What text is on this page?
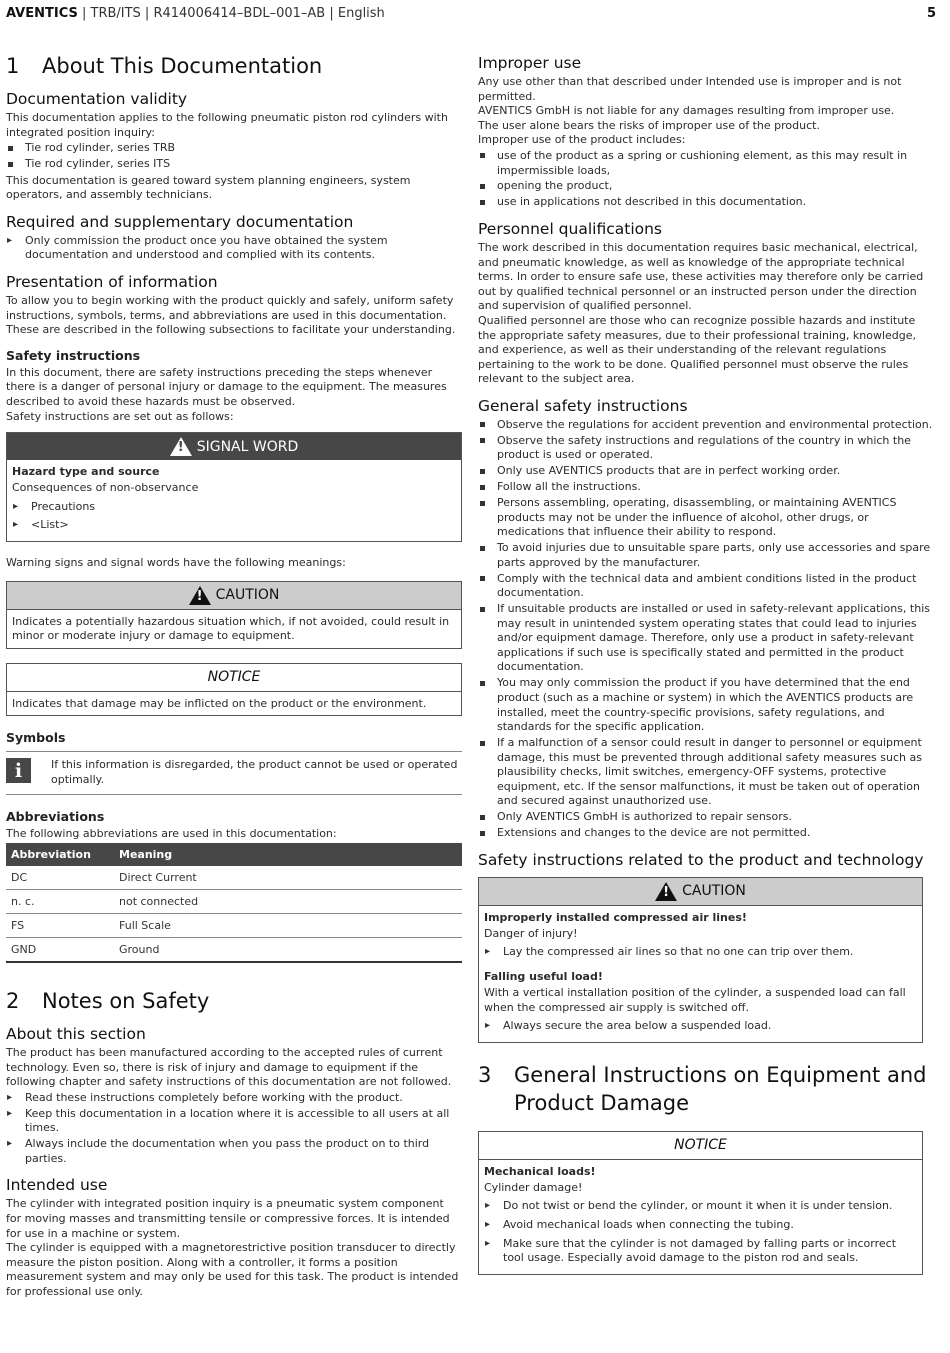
AVENTICS | TRB/ITS | R414006414–BDL–001–AB | English	5
1	About This Documentation
Documentation validity

This documentation applies to the following pneumatic piston rod cylinders with integrated position inquiry:

Tie rod cylinder, series TRB
Tie rod cylinder, series ITS

This documentation is geared toward system planning engineers, system operators, and assembly technicians.

Required and supplementary documentation
▸ Only commission the product once you have obtained the system documentation and understood and complied with its contents.
Presentation of information

To allow you to begin working with the product quickly and safely, uniform safety instructions, symbols, terms, and abbreviations are used in this documentation. These are described in the following subsections to facilitate your understanding.

Safety instructions

In this document, there are safety instructions preceding the steps whenever there is a danger of personal injury or damage to the equipment. The measures described to avoid these hazards must be observed.

Safety instructions are set out as follows:

!
SIGNAL WORD
Hazard type and source

Consequences of non-observance

▸ Precautions
▸ <List>

Warning signs and signal words have the following meanings:

!
CAUTION

Indicates a potentially hazardous situation which, if not avoided, could result in minor or moderate injury or damage to equipment.

NOTICE

Indicates that damage may be inflicted on the product or the environment.

Symbols
i	If this information is disregarded, the product cannot be used or operated optimally.

Abbreviations

The following abbreviations are used in this documentation:

Abbreviation	Meaning
DC	Direct Current
n. c.	not connected
FS	Full Scale
GND	Ground
2	Notes on Safety
About this section

The product has been manufactured according to the accepted rules of current technology. Even so, there is risk of injury and damage to equipment if the following chapter and safety instructions of this documentation are not followed.

▸ Read these instructions completely before working with the product.
▸ Keep this documentation in a location where it is accessible to all users at all times.
▸ Always include the documentation when you pass the product on to third parties.
Intended use

The cylinder with integrated position inquiry is a pneumatic system component for moving masses and transmitting tensile or compressive forces. It is intended for use in a machine or system.

The cylinder is equipped with a magnetorestrictive position transducer to directly measure the piston position. Along with a controller, it forms a position measurement system and may only be used for this task. The product is intended for professional use only.

Improper use

Any use other than that described under Intended use is improper and is not permitted.

AVENTICS GmbH is not liable for any damages resulting from improper use.

The user alone bears the risks of improper use of the product.

Improper use of the product includes:

use of the product as a spring or cushioning element, as this may result in impermissible loads,
opening the product,
use in applications not described in this documentation.
Personnel qualifications

The work described in this documentation requires basic mechanical, electrical, and pneumatic knowledge, as well as knowledge of the appropriate technical terms. In order to ensure safe use, these activities may therefore only be carried out by qualified technical personnel or an instructed person under the direction and supervision of qualified personnel.

Qualified personnel are those who can recognize possible hazards and institute the appropriate safety measures, due to their professional training, knowledge, and experience, as well as their understanding of the relevant regulations pertaining to the work to be done. Qualified personnel must observe the rules relevant to the subject area.

General safety instructions
Observe the regulations for accident prevention and environmental protection.
Observe the safety instructions and regulations of the country in which the product is used or operated.
Only use AVENTICS products that are in perfect working order.
Follow all the instructions.
Persons assembling, operating, disassembling, or maintaining AVENTICS products may not be under the influence of alcohol, other drugs, or medications that influence their ability to respond.
To avoid injuries due to unsuitable spare parts, only use accessories and spare parts approved by the manufacturer.
Comply with the technical data and ambient conditions listed in the product documentation.
If unsuitable products are installed or used in safety-relevant applications, this may result in unintended system operating states that could lead to injuries and/or equipment damage. Therefore, only use a product in safety-relevant applications if such use is specifically stated and permitted in the product documentation.
You may only commission the product if you have determined that the end product (such as a machine or system) in which the AVENTICS products are installed, meet the country-specific provisions, safety regulations, and standards for the specific application.
If a malfunction of a sensor could result in danger to personnel or equipment damage, this must be prevented through additional safety measures such as plausibility checks, limit switches, emergency-OFF systems, protective equipment, etc. If the sensor malfunctions, it must be taken out of operation and secured against unauthorized use.
Only AVENTICS GmbH is authorized to repair sensors.
Extensions and changes to the device are not permitted.
Safety instructions related to the product and technology
!
CAUTION
Improperly installed compressed air lines!

Danger of injury!

▸ Lay the compressed air lines so that no one can trip over them.
Falling useful load!

With a vertical installation position of the cylinder, a suspended load can fall when the compressed air supply is switched off.

▸ Always secure the area below a suspended load.
3	General Instructions on Equipment and Product Damage
NOTICE
Mechanical loads!

Cylinder damage!

▸ Do not twist or bend the cylinder, or mount it when it is under tension.
▸ Avoid mechanical loads when connecting the tubing.
▸ Make sure that the cylinder is not damaged by falling parts or incorrect tool usage. Especially avoid damage to the piston rod and seals.
